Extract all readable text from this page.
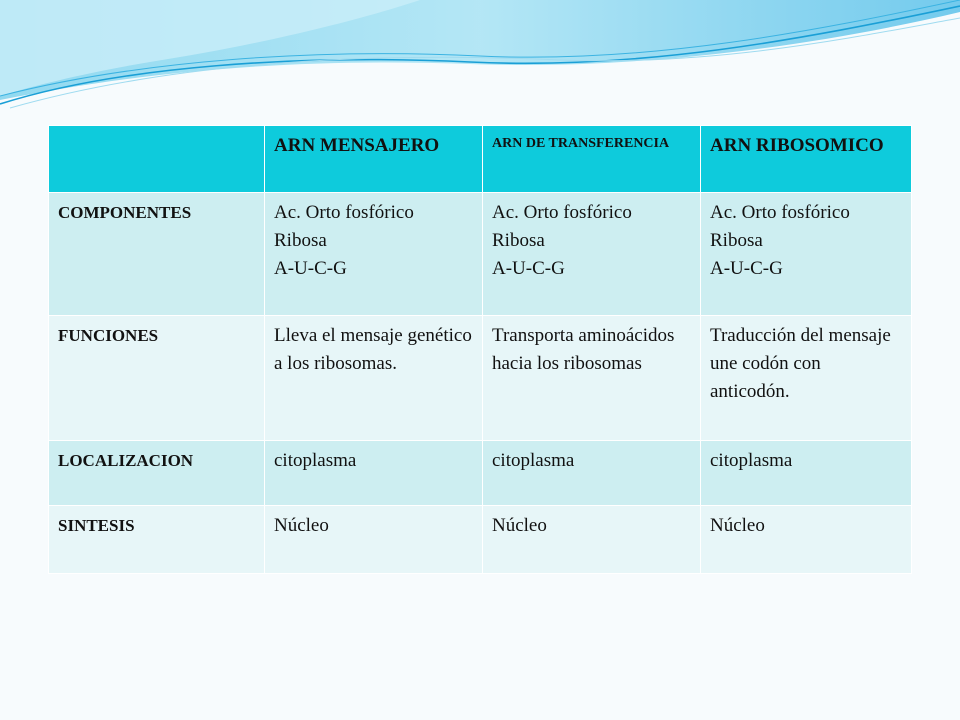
	ARN MENSAJERO	ARN DE TRANSFERENCIA	ARN RIBOSOMICO

COMPONENTES	Ac. Orto fosfórico
Ribosa
A-U-C-G	Ac. Orto fosfórico
Ribosa
A-U-C-G	Ac. Orto fosfórico
Ribosa
A-U-C-G

FUNCIONES	Lleva el mensaje genético a los ribosomas.	Transporta aminoácidos hacia los ribosomas	Traducción del mensaje une codón con anticodón.

LOCALIZACION	citoplasma	citoplasma	citoplasma

SINTESIS	Núcleo	Núcleo	Núcleo
